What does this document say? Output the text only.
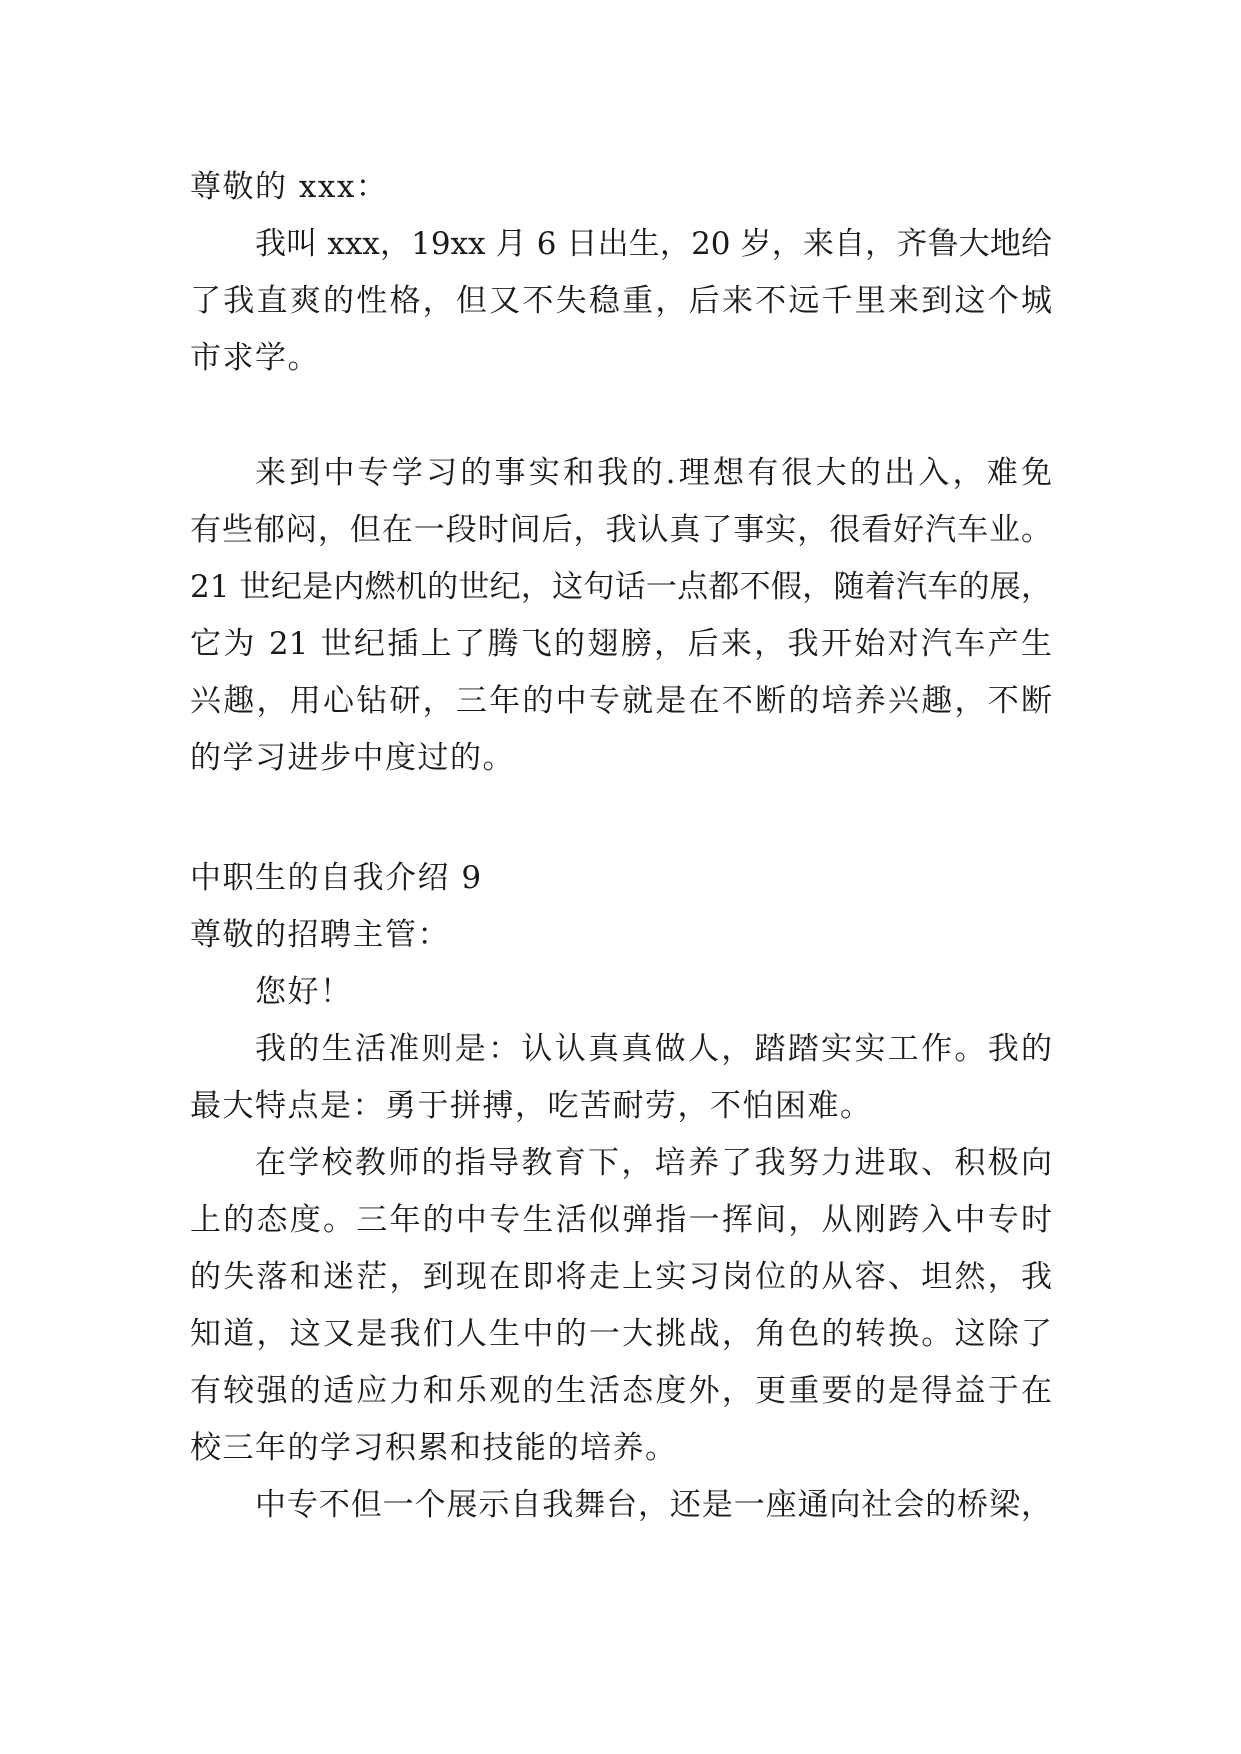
尊敬的 xxx：
我叫 xxx，19xx 月 6 日出生，20 岁，来自，齐鲁大地给
了我直爽的性格，但又不失稳重，后来不远千里来到这个城
市求学。
来到中专学习的事实和我的.理想有很大的出入，难免
有些郁闷，但在一段时间后，我认真了事实，很看好汽车业。
21 世纪是内燃机的世纪，这句话一点都不假，随着汽车的展，
它为 21 世纪插上了腾飞的翅膀，后来，我开始对汽车产生
兴趣，用心钻研，三年的中专就是在不断的培养兴趣，不断
的学习进步中度过的。
中职生的自我介绍 9
尊敬的招聘主管：
您好！
我的生活准则是：认认真真做人，踏踏实实工作。我的
最大特点是：勇于拼搏，吃苦耐劳，不怕困难。
在学校教师的指导教育下，培养了我努力进取、积极向
上的态度。三年的中专生活似弹指一挥间，从刚跨入中专时
的失落和迷茫，到现在即将走上实习岗位的从容、坦然，我
知道，这又是我们人生中的一大挑战，角色的转换。这除了
有较强的适应力和乐观的生活态度外，更重要的是得益于在
校三年的学习积累和技能的培养。
中专不但一个展示自我舞台，还是一座通向社会的桥梁，
